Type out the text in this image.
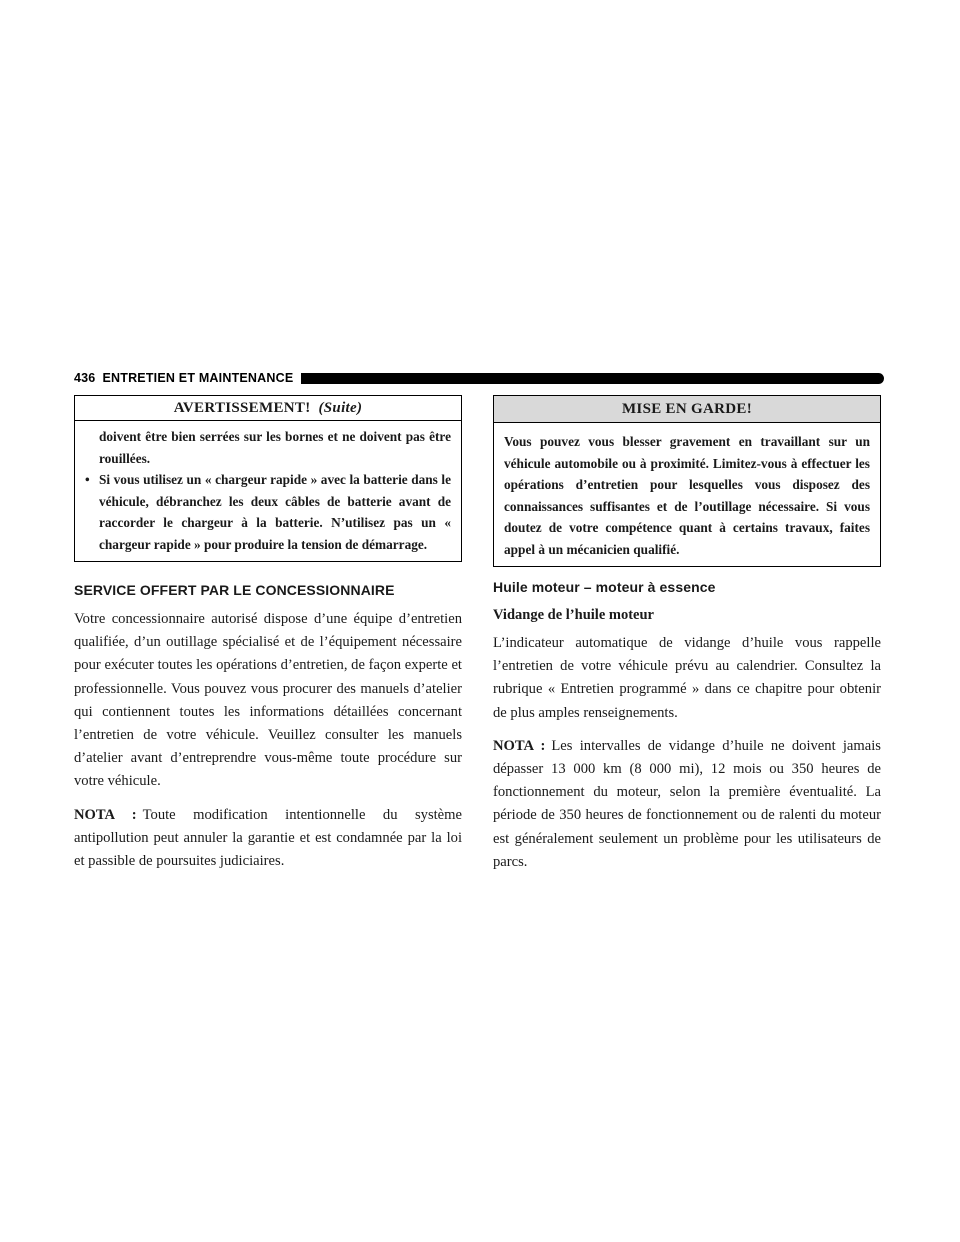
436 ENTRETIEN ET MAINTENANCE
AVERTISSEMENT! (Suite)

doivent être bien serrées sur les bornes et ne doivent pas être rouillées.

• Si vous utilisez un « chargeur rapide » avec la batterie dans le véhicule, débranchez les deux câbles de batterie avant de raccorder le chargeur à la batterie. N’utilisez pas un « chargeur rapide » pour produire la tension de démarrage.
SERVICE OFFERT PAR LE CONCESSIONNAIRE

Votre concessionnaire autorisé dispose d’une équipe d’entretien qualifiée, d’un outillage spécialisé et de l’équipement nécessaire pour exécuter toutes les opérations d’entretien, de façon experte et professionnelle. Vous pouvez vous procurer des manuels d’atelier qui contiennent toutes les informations détaillées concernant l’entretien de votre véhicule. Veuillez consulter les manuels d’atelier avant d’entreprendre vous-même toute procédure sur votre véhicule.

NOTA : Toute modification intentionnelle du système antipollution peut annuler la garantie et est condamnée par la loi et passible de poursuites judiciaires.

MISE EN GARDE!

Vous pouvez vous blesser gravement en travaillant sur un véhicule automobile ou à proximité. Limitez-vous à effectuer les opérations d’entretien pour lesquelles vous disposez des connaissances suffisantes et de l’outillage nécessaire. Si vous doutez de votre compétence quant à certains travaux, faites appel à un mécanicien qualifié.

Huile moteur – moteur à essence
Vidange de l’huile moteur

L’indicateur automatique de vidange d’huile vous rappelle l’entretien de votre véhicule prévu au calendrier. Consultez la rubrique « Entretien programmé » dans ce chapitre pour obtenir de plus amples renseignements.

NOTA : Les intervalles de vidange d’huile ne doivent jamais dépasser 13 000 km (8 000 mi), 12 mois ou 350 heures de fonctionnement du moteur, selon la première éventualité. La période de 350 heures de fonctionnement ou de ralenti du moteur est généralement seulement un problème pour les utilisateurs de parcs.
